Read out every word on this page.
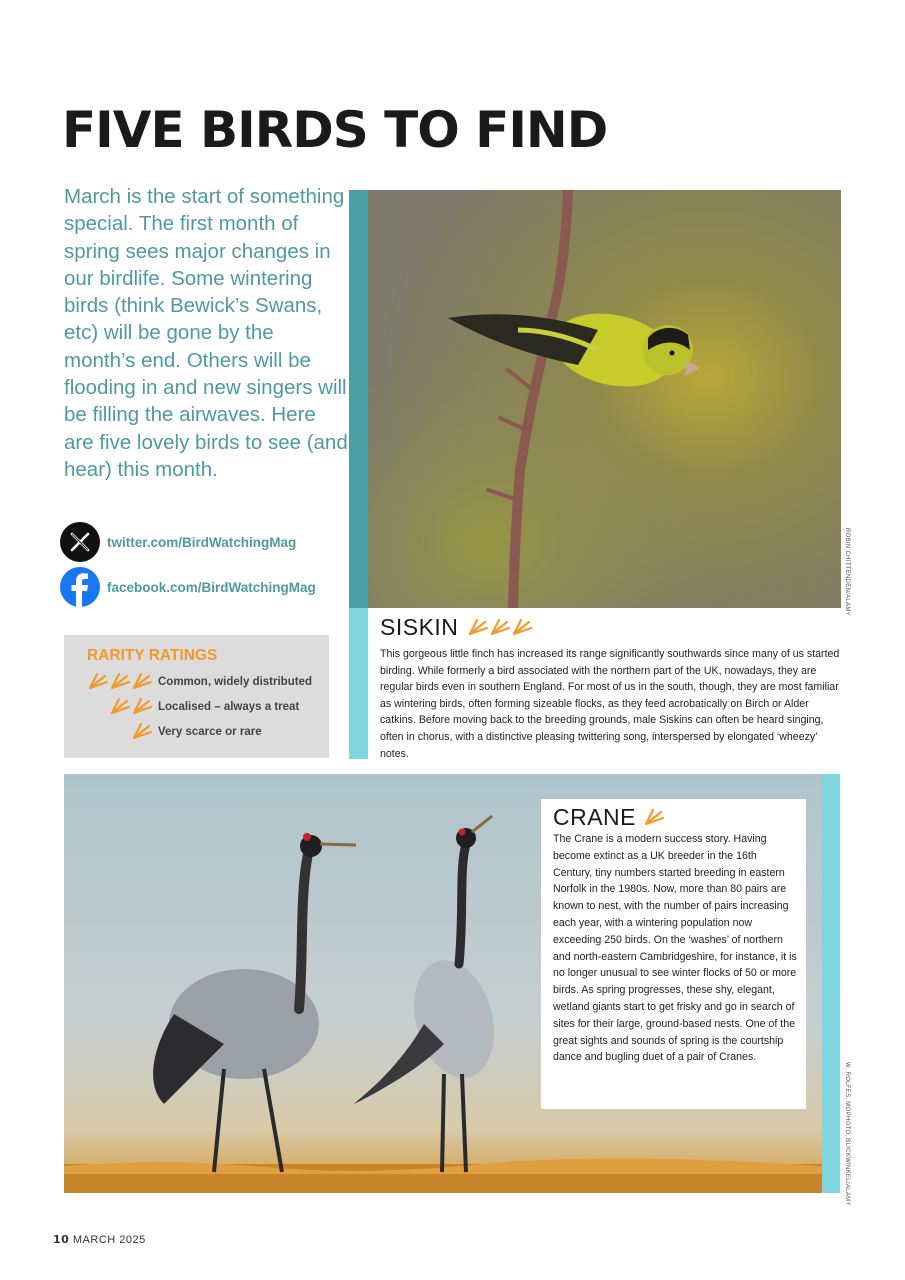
FIVE BIRDS TO FIND

March is the start of something special. The first month of spring sees major changes in our birdlife. Some wintering birds (think Bewick’s Swans, etc) will be gone by the month’s end. Others will be flooding in and new singers will be filling the airwaves. Here are five lovely birds to see (and hear) this month.

twitter.com/BirdWatchingMag
facebook.com/BirdWatchingMag
RARITY RATINGS
Common, widely distributed
Localised – always a treat
Very scarce or rare
ROBIN CHITTENDEN/ALAMY
SISKIN

This gorgeous little finch has increased its range significantly southwards since many of us started birding. While formerly a bird associated with the northern part of the UK, nowadays, they are regular birds even in southern England. For most of us in the south, though, they are most familiar as wintering birds, often forming sizeable flocks, as they feed acrobatically on Birch or Alder catkins. Before moving back to the breeding grounds, male Siskins can often be heard singing, often in chorus, with a distinctive pleasing twittering song, interspersed by elongated ‘wheezy’ notes.

W. ROLFES, MOPHOTO, BLICKWINKEL/ALAMY
CRANE

The Crane is a modern success story. Having become extinct as a UK breeder in the 16th Century, tiny numbers started breeding in eastern Norfolk in the 1980s. Now, more than 80 pairs are known to nest, with the number of pairs increasing each year, with a wintering population now exceeding 250 birds. On the ‘washes’ of northern and north-eastern Cambridgeshire, for instance, it is no longer unusual to see winter flocks of 50 or more birds. As spring progresses, these shy, elegant, wetland giants start to get frisky and go in search of sites for their large, ground-based nests. One of the great sights and sounds of spring is the courtship dance and bugling duet of a pair of Cranes.

10 MARCH 2025
